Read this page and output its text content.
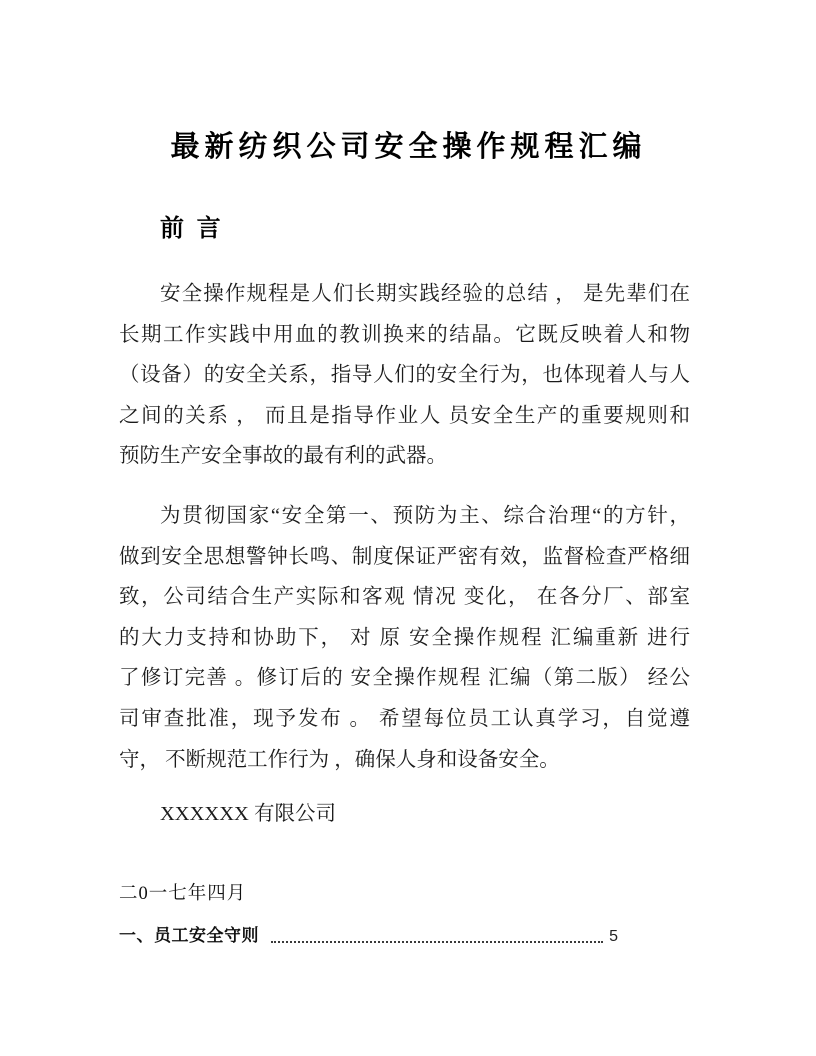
最新纺织公司安全操作规程汇编
前 言
安全操作规程是人们长期实践经验的总结 ， 是先辈们在
长期工作实践中用血的教训换来的结晶。它既反映着人和物
（设备）的安全关系，指导人们的安全行为，也体现着人与人
之间的关系 ， 而且是指导作业人 员安全生产的重要规则和
预防生产安全事故的最有利的武器。
为贯彻国家“安全第一、预防为主、综合治理“的方针，
做到安全思想警钟长鸣、制度保证严密有效，监督检查严格细
致，公司结合生产实际和客观 情况 变化， 在各分厂、部室
的大力支持和协助下， 对 原 安全操作规程 汇编重新 进行
了修订完善 。修订后的 安全操作规程 汇编（第二版） 经公
司审查批准，现予发布 。 希望每位员工认真学习，自觉遵
守， 不断规范工作行为 ，确保人身和设备安全。
XXXXXX 有限公司

二0一七年四月

一、员工安全守则	5
